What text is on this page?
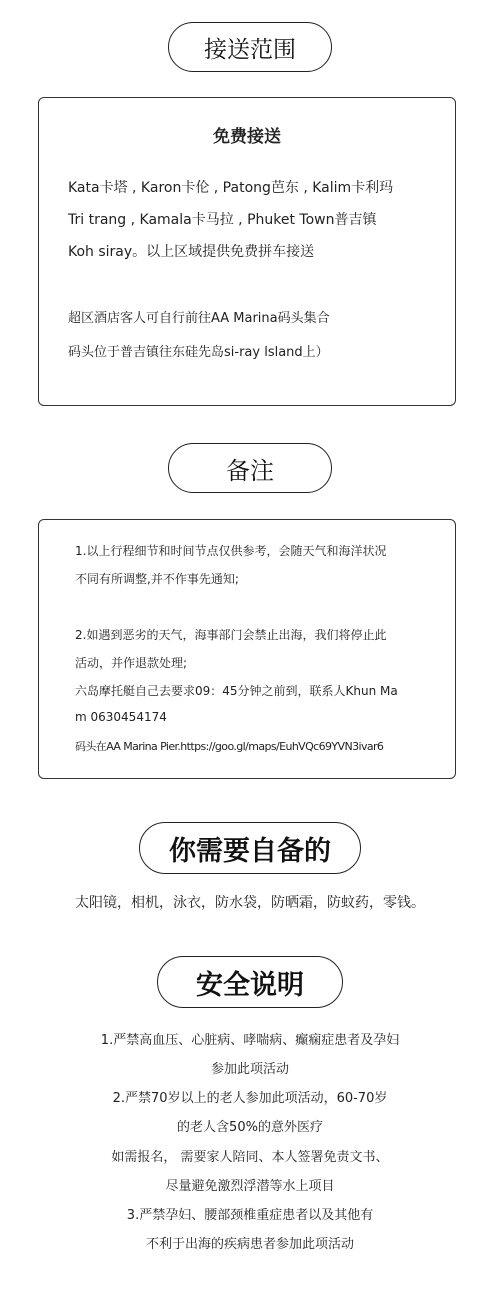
接送范围
免费接送
Kata卡塔 , Karon卡伦 , Patong芭东 , Kalim卡利玛
Tri trang , Kamala卡马拉 , Phuket Town普吉镇
Koh siray。以上区域提供免费拼车接送
超区酒店客人可自行前往AA Marina码头集合
码头位于普吉镇往东硅先岛si-ray lsland上）
备注
1.以上行程细节和时间节点仅供参考，会随天气和海洋状况
不同有所调整,并不作事先通知;
2.如遇到恶劣的天气，海事部门会禁止出海，我们将停止此
活动，并作退款处理;
六岛摩托艇自己去要求09：45分钟之前到，联系人Khun Ma
m 0630454174
码头在AA Marina Pier.https://goo.gl/maps/EuhVQc69YVN3ivar6
你需要自备的
太阳镜，相机，泳衣，防水袋，防晒霜，防蚊药，零钱。
安全说明
1.严禁高血压、心脏病、哮喘病、癫痫症患者及孕妇
参加此项活动
2.严禁70岁以上的老人参加此项活动，60-70岁
的老人含50%的意外医疗
如需报名， 需要家人陪同、本人签署免责文书、
尽量避免激烈浮潜等水上项目
3.严禁孕妇、腰部颈椎重症患者以及其他有
不利于出海的疾病患者参加此项活动
